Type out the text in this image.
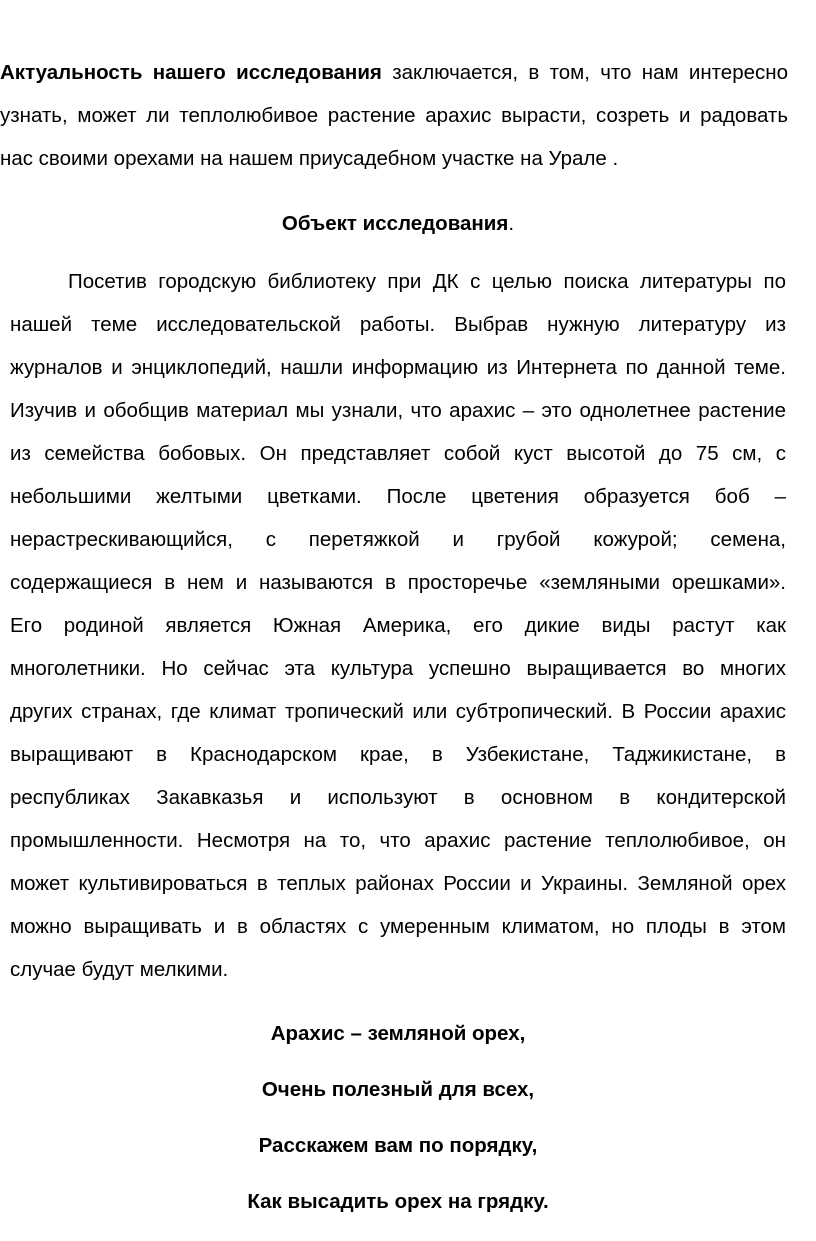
Актуальность нашего исследования заключается, в том, что нам интересно
узнать, может ли теплолюбивое растение арахис вырасти, созреть и радовать
нас своими орехами на нашем приусадебном участке на Урале .
Объект исследования.
Посетив городскую библиотеку при ДК с целью поиска литературы по
нашей теме исследовательской работы. Выбрав нужную литературу из
журналов и энциклопедий, нашли информацию из Интернета по данной теме.
Изучив и обобщив материал мы узнали, что арахис – это однолетнее растение
из семейства бобовых. Он представляет собой куст высотой до 75 см, с
небольшими желтыми цветками. После цветения образуется боб –
нерастрескивающийся, с перетяжкой и грубой кожурой; семена,
содержащиеся в нем и называются в просторечье «земляными орешками».
Его родиной является Южная Америка, его дикие виды растут как
многолетники. Но сейчас эта культура успешно выращивается во многих
других странах, где климат тропический или субтропический. В России арахис
выращивают в Краснодарском крае, в Узбекистане, Таджикистане, в
республиках Закавказья и используют в основном в кондитерской
промышленности. Несмотря на то, что арахис растение теплолюбивое, он
может культивироваться в теплых районах России и Украины. Земляной орех
можно выращивать и в областях с умеренным климатом, но плоды в этом
случае будут мелкими.
Арахис – земляной орех,
Очень полезный для всех,
Расскажем вам по порядку,
Как высадить орех на грядку.
